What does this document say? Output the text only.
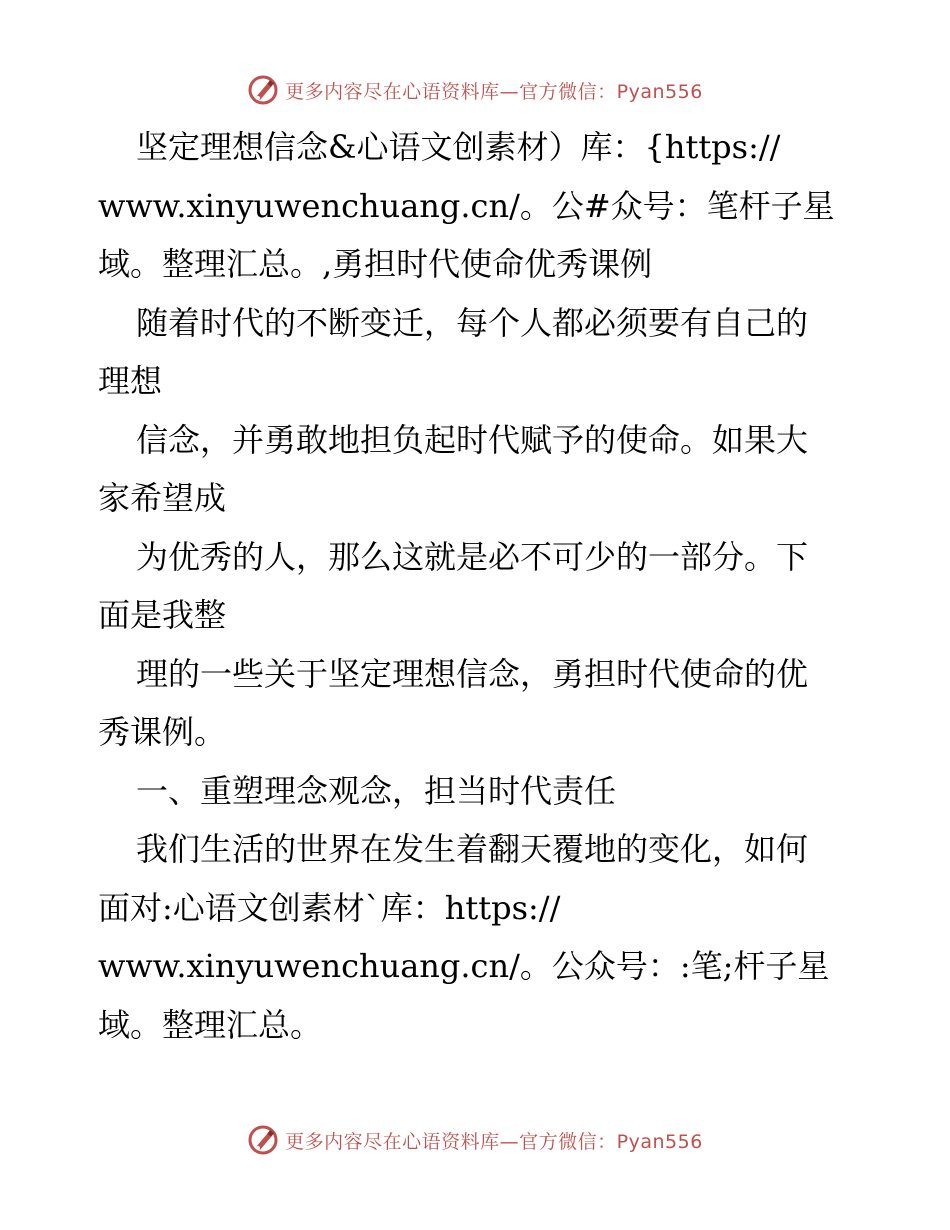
更多内容尽在心语资料库—官方微信：Pyan556
坚定理想信念&心语文创素材）库：{https://
www.xinyuwenchuang.cn/。公#众号：笔杆子星
域。整理汇总。,勇担时代使命优秀课例
随着时代的不断变迁，每个人都必须要有自己的
理想
信念，并勇敢地担负起时代赋予的使命。如果大
家希望成
为优秀的人，那么这就是必不可少的一部分。下
面是我整
理的一些关于坚定理想信念，勇担时代使命的优
秀课例。
一、重塑理念观念，担当时代责任
我们生活的世界在发生着翻天覆地的变化，如何
面对:心语文创素材`库：https://
www.xinyuwenchuang.cn/。公众号：:笔;杆子星
域。整理汇总。
更多内容尽在心语资料库—官方微信：Pyan556
